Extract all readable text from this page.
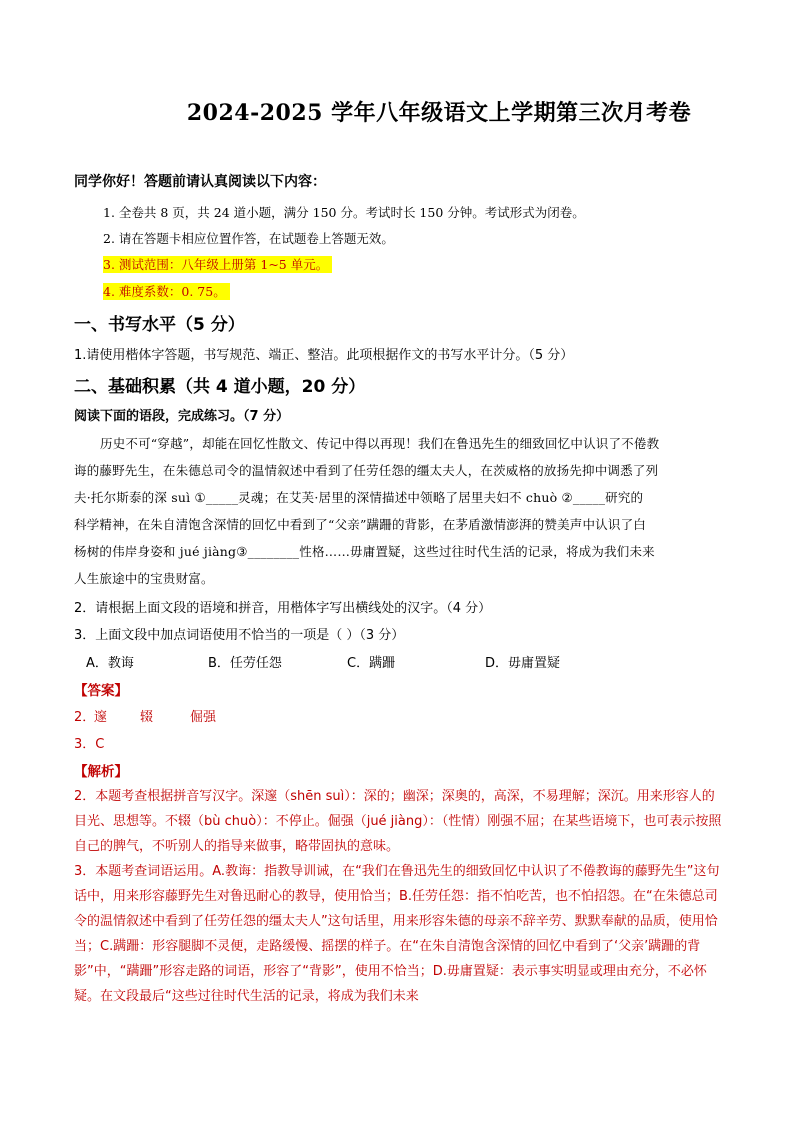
2024-2025 学年八年级语文上学期第三次月考卷
同学你好！答题前请认真阅读以下内容：
1. 全卷共 8 页，共 24 道小题，满分 150 分。考试时长 150 分钟。考试形式为闭卷。
2. 请在答题卡相应位置作答，在试题卷上答题无效。
3. 测试范围：八年级上册第 1~5 单元。
4. 难度系数：0. 75。
一、书写水平（5 分）
1.请使用楷体字答题，书写规范、端正、整洁。此项根据作文的书写水平计分。（5 分）
二、基础积累（共 4 道小题，20 分）
阅读下面的语段，完成练习。（7 分）
历史不可“穿越”，却能在回忆性散文、传记中得以再现！我们在鲁迅先生的细致回忆中认识了不倦教
诲的藤野先生，在朱德总司令的温情叙述中看到了任劳任怨的缰太夫人，在茨威格的放扬先抑中调悉了列
夫·托尔斯泰的深 suì ①_____灵魂；在艾芙·居里的深情描述中领略了居里夫妇不 chuò ②_____研究的
科学精神，在朱自清饱含深情的回忆中看到了“父亲”蹒跚的背影，在茅盾激情澎湃的赞美声中认识了白
杨树的伟岸身姿和 jué jiàng③________性格……毋庸置疑，这些过往时代生活的记录，将成为我们未来
人生旅途中的宝贵财富。
2．请根据上面文段的语境和拼音，用楷体字写出横线处的汉字。（4 分）
3．上面文段中加点词语使用不恰当的一项是（ ）（3 分）
A．教诲	B．任劳任怨	C．蹒跚	D．毋庸置疑
【答案】
2．
邃	辍	倔强
3．C
【解析】

2．本题考查根据拼音写汉字。深邃（shēn suì）：深的；幽深；深奥的，高深，不易理解；深沉。用来形容人的目光、思想等。不辍（bù chuò）：不停止。倔强（jué jiàng）：（性情）刚强不屈；在某些语境下，也可表示按照自己的脾气，不听别人的指导来做事，略带固执的意味。

3．本题考查词语运用。A.教诲：指教导训诫，在“我们在鲁迅先生的细致回忆中认识了不倦教诲的藤野先生”这句话中，用来形容藤野先生对鲁迅耐心的教导，使用恰当；B.任劳任怨：指不怕吃苦，也不怕招怨。在“在朱德总司令的温情叙述中看到了任劳任怨的缰太夫人”这句话里，用来形容朱德的母亲不辞辛劳、默默奉献的品质，使用恰当；C.蹒跚：形容腿脚不灵便，走路缓慢、摇摆的样子。在“在朱自清饱含深情的回忆中看到了‘父亲’蹒跚的背影”中，“蹒跚”形容走路的词语，形容了“背影”，使用不恰当；D.毋庸置疑：表示事实明显或理由充分，不必怀疑。在文段最后“这些过往时代生活的记录，将成为我们未来
